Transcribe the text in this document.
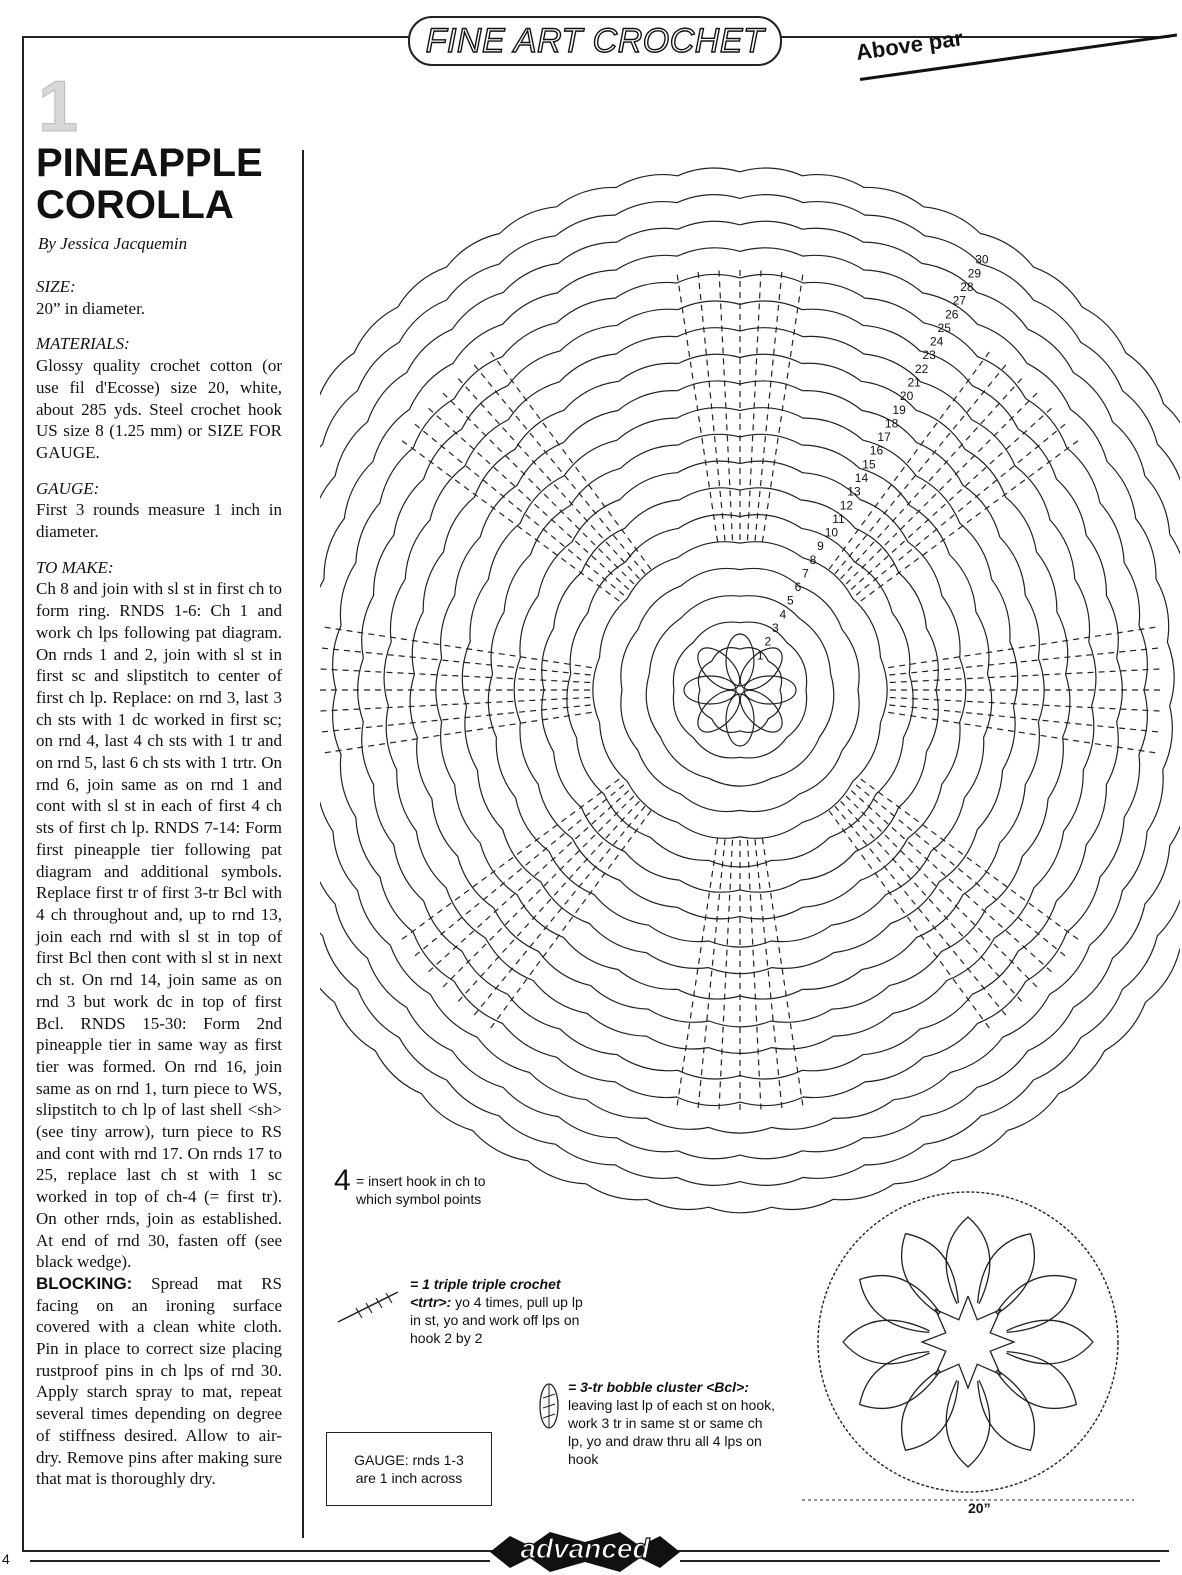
FINE ART CROCHET	Above par
1
PINEAPPLE
COROLLA
By Jessica Jacquemin
SIZE:
20” in diameter.
MATERIALS:
Glossy quality crochet cotton (or use fil d'Ecosse) size 20, white, about 285 yds. Steel crochet hook US size 8 (1.25 mm) or SIZE FOR GAUGE.
GAUGE:
First 3 rounds measure 1 inch in diameter.
TO MAKE:
Ch 8 and join with sl st in first ch to form ring. RNDS 1-6: Ch 1 and work ch lps following pat diagram. On rnds 1 and 2, join with sl st in first sc and slipstitch to center of first ch lp. Replace: on rnd 3, last 3 ch sts with 1 dc worked in first sc; on rnd 4, last 4 ch sts with 1 tr and on rnd 5, last 6 ch sts with 1 trtr. On rnd 6, join same as on rnd 1 and cont with sl st in each of first 4 ch sts of first ch lp. RNDS 7-14: Form first pineapple tier following pat diagram and additional symbols. Replace first tr of first 3-tr Bcl with 4 ch throughout and, up to rnd 13, join each rnd with sl st in top of first Bcl then cont with sl st in next ch st. On rnd 14, join same as on rnd 3 but work dc in top of first Bcl. RNDS 15-30: Form 2nd pineapple tier in same way as first tier was formed. On rnd 16, join same as on rnd 1, turn piece to WS, slipstitch to ch lp of last shell <sh> (see tiny arrow), turn piece to RS and cont with rnd 17. On rnds 17 to 25, replace last ch st with 1 sc worked in top of ch-4 (= first tr). On other rnds, join as established. At end of rnd 30, fasten off (see black wedge).
BLOCKING: Spread mat RS facing on an ironing surface covered with a clean white cloth. Pin in place to correct size placing rustproof pins in ch lps of rnd 30. Apply starch spray to mat, repeat several times depending on degree of stiffness desired. Allow to air-dry. Remove pins after making sure that mat is thoroughly dry.
30
29
28
27
26
25
24
23
22
21
20
19
18
17
16
15
14
13
12
11
10
9
8
7
6
5
4
3
2
1
20”
4 = insert hook in ch to which symbol points
= 1 triple triple crochet <trtr>: yo 4 times, pull up lp in st, yo and work off lps on hook 2 by 2
= 3-tr bobble cluster <Bcl>: leaving last lp of each st on hook, work 3 tr in same st or same ch lp, yo and draw thru all 4 lps on hook
GAUGE: rnds 1-3
are 1 inch across
advanced
4
